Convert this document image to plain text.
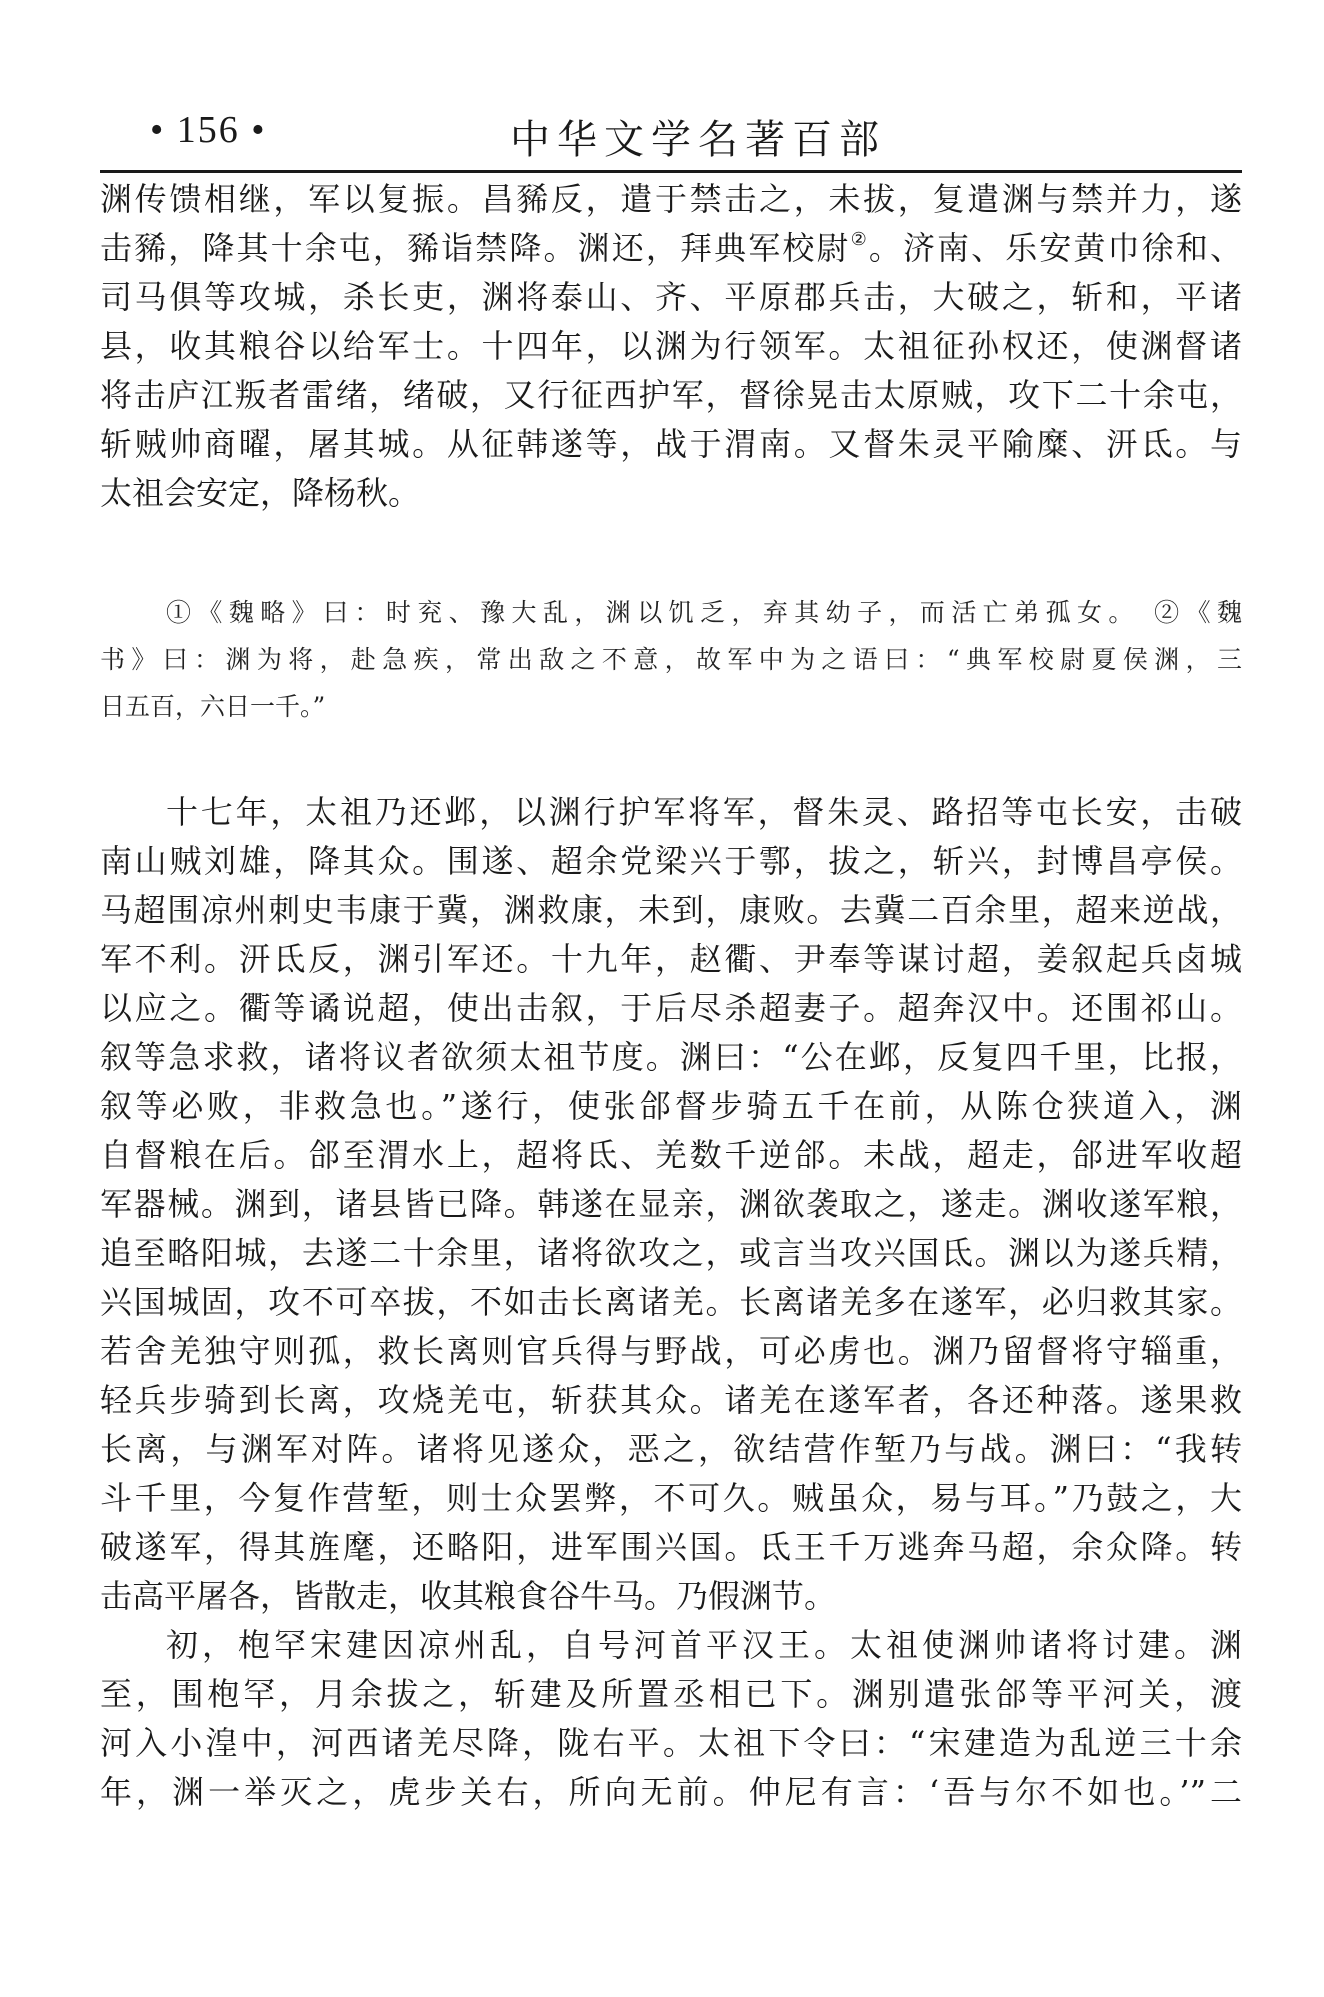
• 156 •	中华文学名著百部
渊传馈相继，军以复振。昌豨反，遣于禁击之，未拔，复遣渊与禁并力，遂
击豨，降其十余屯，豨诣禁降。渊还，拜典军校尉②。济南、乐安黄巾徐和、
司马俱等攻城，杀长吏，渊将泰山、齐、平原郡兵击，大破之，斩和，平诸
县，收其粮谷以给军士。十四年，以渊为行领军。太祖征孙权还，使渊督诸
将击庐江叛者雷绪，绪破，又行征西护军，督徐晃击太原贼，攻下二十余屯，
斩贼帅商曜，屠其城。从征韩遂等，战于渭南。又督朱灵平隃糜、汧氐。与
太祖会安定，降杨秋。
①《魏略》曰：时兖、豫大乱，渊以饥乏，弃其幼子，而活亡弟孤女。 ②《魏
书》曰：渊为将，赴急疾，常出敌之不意，故军中为之语曰：“典军校尉夏侯渊，三
日五百，六日一千。”
十七年，太祖乃还邺，以渊行护军将军，督朱灵、路招等屯长安，击破
南山贼刘雄，降其众。围遂、超余党梁兴于鄠，拔之，斩兴，封博昌亭侯。
马超围凉州刺史韦康于冀，渊救康，未到，康败。去冀二百余里，超来逆战，
军不利。汧氐反，渊引军还。十九年，赵衢、尹奉等谋讨超，姜叙起兵卤城
以应之。衢等谲说超，使出击叙，于后尽杀超妻子。超奔汉中。还围祁山。
叙等急求救，诸将议者欲须太祖节度。渊曰：“公在邺，反复四千里，比报，
叙等必败，非救急也。”遂行，使张郃督步骑五千在前，从陈仓狭道入，渊
自督粮在后。郃至渭水上，超将氐、羌数千逆郃。未战，超走，郃进军收超
军器械。渊到，诸县皆已降。韩遂在显亲，渊欲袭取之，遂走。渊收遂军粮，
追至略阳城，去遂二十余里，诸将欲攻之，或言当攻兴国氐。渊以为遂兵精，
兴国城固，攻不可卒拔，不如击长离诸羌。长离诸羌多在遂军，必归救其家。
若舍羌独守则孤，救长离则官兵得与野战，可必虏也。渊乃留督将守辎重，
轻兵步骑到长离，攻烧羌屯，斩获其众。诸羌在遂军者，各还种落。遂果救
长离，与渊军对阵。诸将见遂众，恶之，欲结营作堑乃与战。渊曰：“我转
斗千里，今复作营堑，则士众罢弊，不可久。贼虽众，易与耳。”乃鼓之，大
破遂军，得其旌麾，还略阳，进军围兴国。氐王千万逃奔马超，余众降。转
击高平屠各，皆散走，收其粮食谷牛马。乃假渊节。
初，枹罕宋建因凉州乱，自号河首平汉王。太祖使渊帅诸将讨建。渊
至，围枹罕，月余拔之，斩建及所置丞相已下。渊别遣张郃等平河关，渡
河入小湟中，河西诸羌尽降，陇右平。太祖下令曰：“宋建造为乱逆三十余
年，渊一举灭之，虎步关右，所向无前。仲尼有言：‘吾与尔不如也。’”二
